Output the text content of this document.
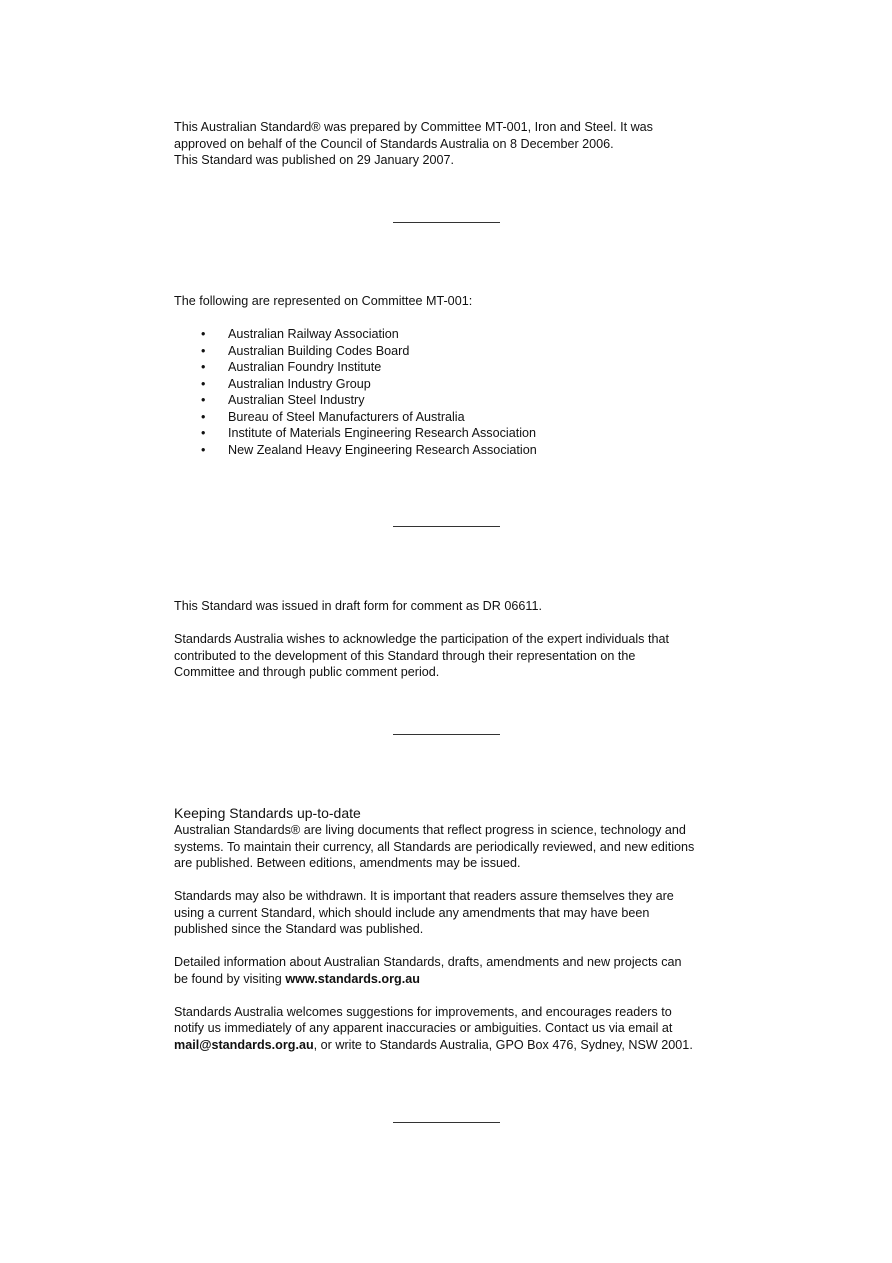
This Australian Standard® was prepared by Committee MT-001, Iron and Steel. It was

approved on behalf of the Council of Standards Australia on 8 December 2006.

This Standard was published on 29 January 2007.

The following are represented on Committee MT-001:

• Australian Railway Association
• Australian Building Codes Board
• Australian Foundry Institute
• Australian Industry Group
• Australian Steel Industry
• Bureau of Steel Manufacturers of Australia
• Institute of Materials Engineering Research Association
• New Zealand Heavy Engineering Research Association

This Standard was issued in draft form for comment as DR 06611.

Standards Australia wishes to acknowledge the participation of the expert individuals that

contributed to the development of this Standard through their representation on the

Committee and through public comment period.

Keeping Standards up-to-date

Australian Standards® are living documents that reflect progress in science, technology and

systems. To maintain their currency, all Standards are periodically reviewed, and new editions

are published. Between editions, amendments may be issued.

Standards may also be withdrawn. It is important that readers assure themselves they are

using a current Standard, which should include any amendments that may have been

published since the Standard was published.

Detailed information about Australian Standards, drafts, amendments and new projects can

be found by visiting www.standards.org.au

Standards Australia welcomes suggestions for improvements, and encourages readers to

notify us immediately of any apparent inaccuracies or ambiguities. Contact us via email at

mail@standards.org.au, or write to Standards Australia, GPO Box 476, Sydney, NSW 2001.
